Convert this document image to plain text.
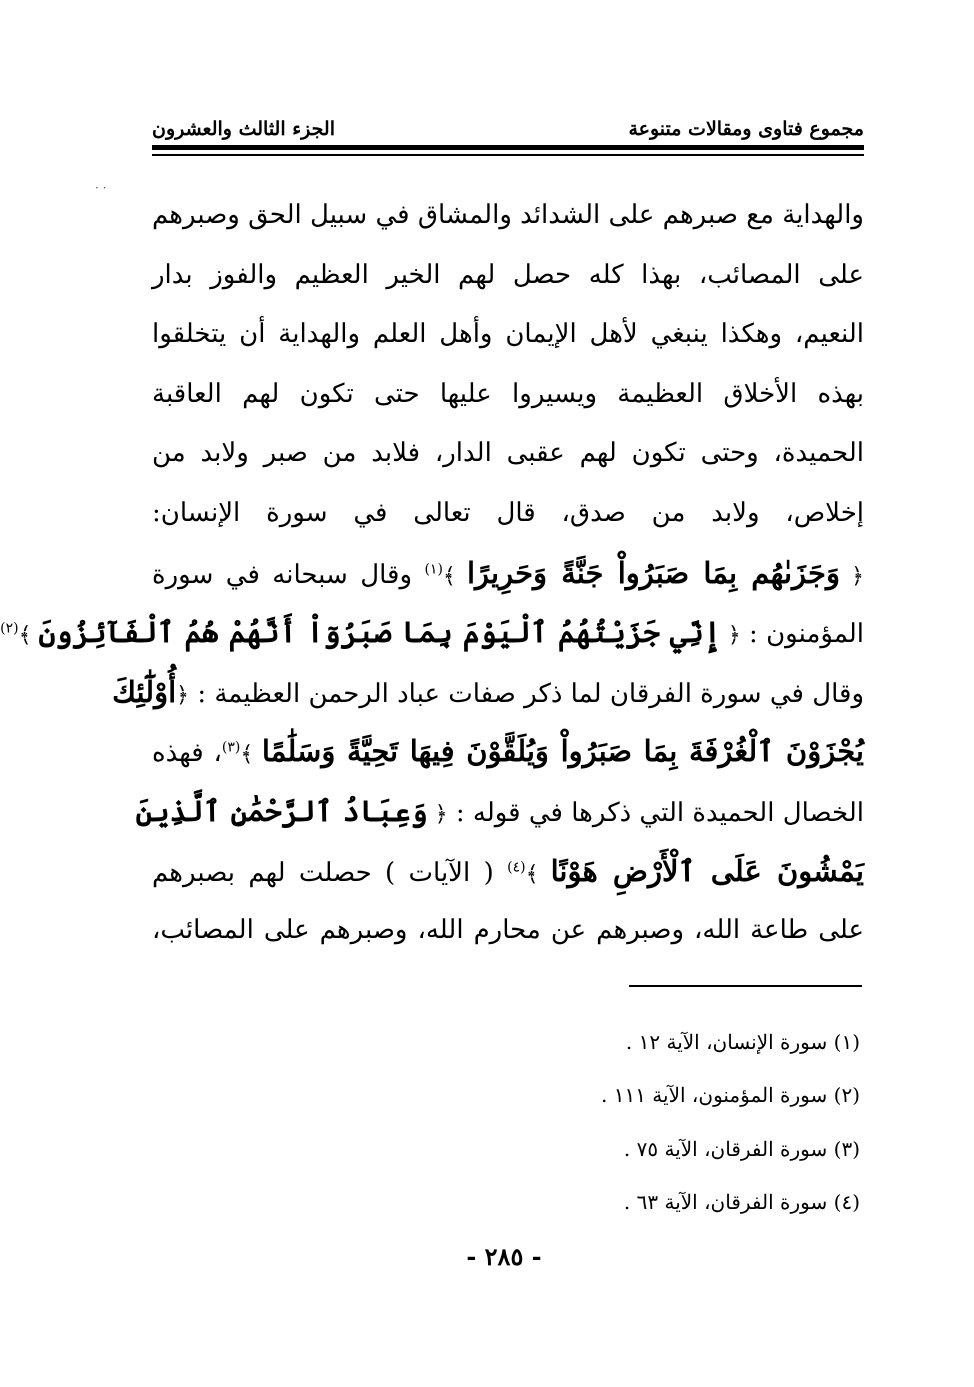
مجموع فتاوى ومقالات متنوعة
الجزء الثالث والعشرون
· ·
والهداية مع صبرهم على الشدائد والمشاق في سبيل الحق وصبرهم
على المصائب، بهذا كله حصل لهم الخير العظيم والفوز بدار
النعيم، وهكذا ينبغي لأهل الإيمان وأهل العلم والهداية أن يتخلقوا
بهذه الأخلاق العظيمة ويسيروا عليها حتى تكون لهم العاقبة
الحميدة، وحتى تكون لهم عقبى الدار، فلابد من صبر ولابد من
إخلاص، ولابد من صدق، قال تعالى في سورة الإنسان:
﴿ وَجَزَىٰهُم بِمَا صَبَرُواْ جَنَّةً وَحَرِيرًا ﴾$^{(١)}$ وقال سبحانه في سورة
المؤمنون : ﴿ إِنِّي جَزَيْتُهُمُ ٱلْيَوْمَ بِمَا صَبَرُوٓاْ أَنَّهُمْ هُمُ ٱلْفَآئِزُونَ ﴾$^{(٢)}$
وقال في سورة الفرقان لما ذكر صفات عباد الرحمن العظيمة : ﴿أُوْلَٰٓئِكَ
يُجْزَوْنَ ٱلْغُرْفَةَ بِمَا صَبَرُواْ وَيُلَقَّوْنَ فِيهَا تَحِيَّةً وَسَلَٰمًا ﴾$^{(٣)}$، فهذه
الخصال الحميدة التي ذكرها في قوله : ﴿ وَعِبَادُ ٱلرَّحْمَٰنِ ٱلَّذِينَ
يَمْشُونَ عَلَى ٱلْأَرْضِ هَوْنًا ﴾$^{(٤)}$ ( الآيات ) حصلت لهم بصبرهم
على طاعة الله، وصبرهم عن محارم الله، وصبرهم على المصائب،
(١) سورة الإنسان، الآية ١٢ .
(٢) سورة المؤمنون، الآية ١١١ .
(٣) سورة الفرقان، الآية ٧٥ .
(٤) سورة الفرقان، الآية ٦٣ .
- ٢٨٥ -
